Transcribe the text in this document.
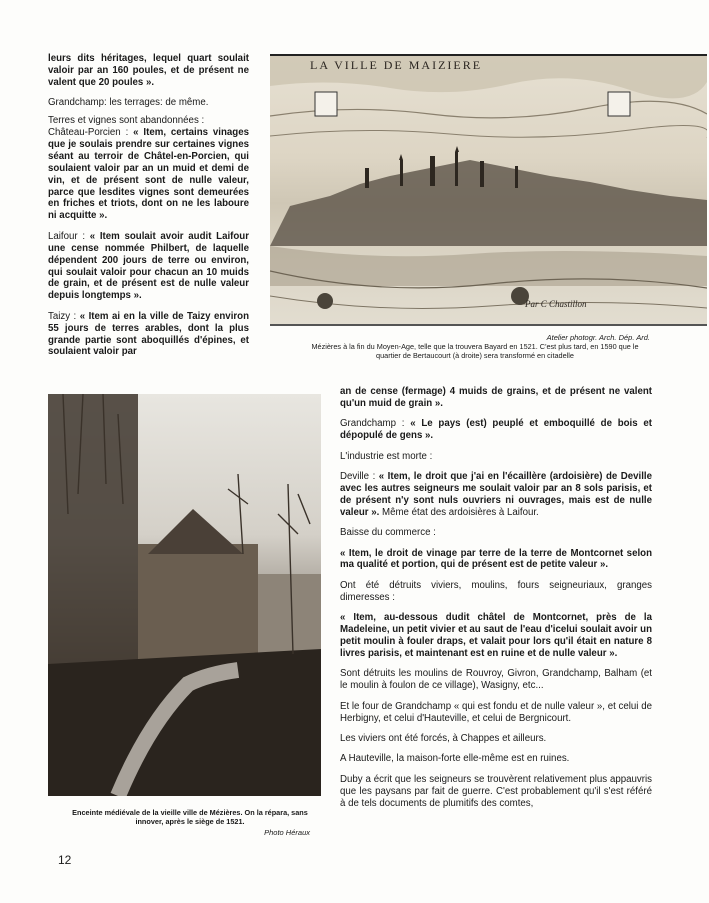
leurs dits héritages, lequel quart soulait valoir par an 160 poules, et de présent ne valent que 20 poules ».

Grandchamp: les terrages: de même.

Terres et vignes sont abandonnées :
Château-Porcien : « Item, certains vinages que je soulais prendre sur certaines vignes séant au terroir de Châtel-en-Porcien, qui soulaient valoir par an un muid et demi de vin, et de présent sont de nulle valeur, parce que lesdites vignes sont demeurées en friches et triots, dont on ne les laboure ni acquitte ».

Laifour : « Item soulait avoir audit Laifour une cense nommée Philbert, de laquelle dépendent 200 jours de terre ou environ, qui soulait valoir pour chacun an 10 muids de grain, et de présent est de nulle valeur depuis longtemps ».

Taizy : « Item ai en la ville de Taizy environ 55 jours de terres arables, dont la plus grande partie sont aboquillés d'épines, et soulaient valoir par

LA VILLE DE MAIZIERE
Par C Chastillon
Atelier photogr. Arch. Dép. Ard.
Mézières à la fin du Moyen-Age, telle que la trouvera Bayard en 1521. C'est plus tard, en 1590 que le quartier de Bertaucourt (à droite) sera transformé en citadelle
Enceinte médiévale de la vieille ville de Mézières. On la répara, sans innover, après le siège de 1521.
Photo Héraux

an de cense (fermage) 4 muids de grains, et de présent ne valent qu'un muid de grain ».

Grandchamp : « Le pays (est) peuplé et emboquillé de bois et dépopulé de gens ».

L'industrie est morte :

Deville : « Item, le droit que j'ai en l'écaillère (ardoisière) de Deville avec les autres seigneurs me soulait valoir par an 8 sols parisis, et de présent n'y sont nuls ouvriers ni ouvrages, mais est de nulle valeur ». Même état des ardoisières à Laifour.

Baisse du commerce :

« Item, le droit de vinage par terre de la terre de Montcornet selon ma qualité et portion, qui de présent est de petite valeur ».

Ont été détruits viviers, moulins, fours seigneuriaux, granges dimeresses :

« Item, au-dessous dudit châtel de Montcornet, près de la Madeleine, un petit vivier et au saut de l'eau d'icelui soulait avoir un petit moulin à fouler draps, et valait pour lors qu'il était en nature 8 livres parisis, et maintenant est en ruine et de nulle valeur ».

Sont détruits les moulins de Rouvroy, Givron, Grandchamp, Balham (et le moulin à foulon de ce village), Wasigny, etc...

Et le four de Grandchamp « qui est fondu et de nulle valeur », et celui de Herbigny, et celui d'Hauteville, et celui de Bergnicourt.

Les viviers ont été forcés, à Chappes et ailleurs.

A Hauteville, la maison-forte elle-même est en ruines.

Duby a écrit que les seigneurs se trouvèrent relativement plus appauvris que les paysans par fait de guerre. C'est probablement qu'il s'est référé à de tels documents de plumitifs des comtes,

12
